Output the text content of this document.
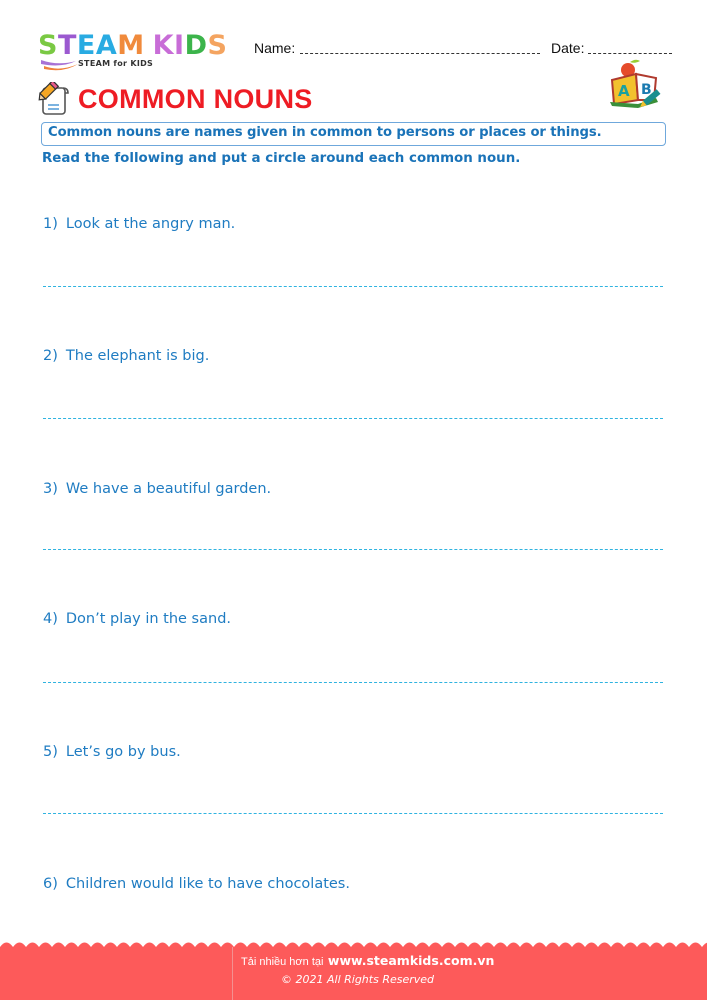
STEAM KIDS
STEAM for KIDS
Name:	Date:
COMMON NOUNS	A B
Common nouns are names given in common to persons or places or things.
Read the following and put a circle around each common noun.
1) Look at the angry man.
2) The elephant is big.
3) We have a beautiful garden.
4) Don’t play in the sand.
5) Let’s go by bus.
6) Children would like to have chocolates.
Tải nhiều hơn tại www.steamkids.com.vn
© 2021 All Rights Reserved
